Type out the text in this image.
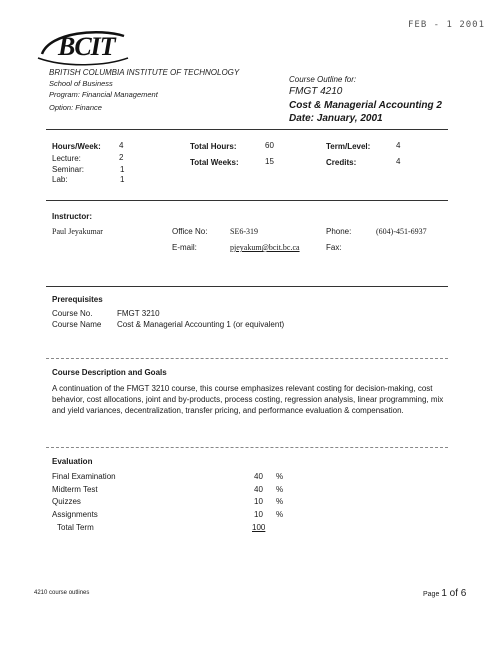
FEB - 1 2001
BCIT
BRITISH COLUMBIA INSTITUTE OF TECHNOLOGY
School of Business
Program: Financial Management
Option: Finance
Course Outline for:
FMGT 4210
Cost & Managerial Accounting 2
Date: January, 2001
Hours/Week: 4
Lecture:	2
Seminar:	1
Lab:	1
Total Hours:	60
Total Weeks:	15
Term/Level:	4
Credits:	4
Instructor:
Paul Jeyakumar	Office No:	SE6-319	Phone:	(604)-451-6937
E-mail:	pjeyakum@bcit.bc.ca	Fax:
Prerequisites
Course No.	FMGT 3210
Course Name Cost & Managerial Accounting 1 (or equivalent)
Course Description and Goals
A continuation of the FMGT 3210 course, this course emphasizes relevant costing for decision-making, cost behavior, cost allocations, joint and by-products, process costing, regression analysis, linear programming, mix and yield variances, decentralization, transfer pricing, and performance evaluation & compensation.
Evaluation
Final Examination	40 %
Midterm Test	40 %
Quizzes	10 %
Assignments	10 %
Total Term	100
4210 course outlines	Page 1 of 6
